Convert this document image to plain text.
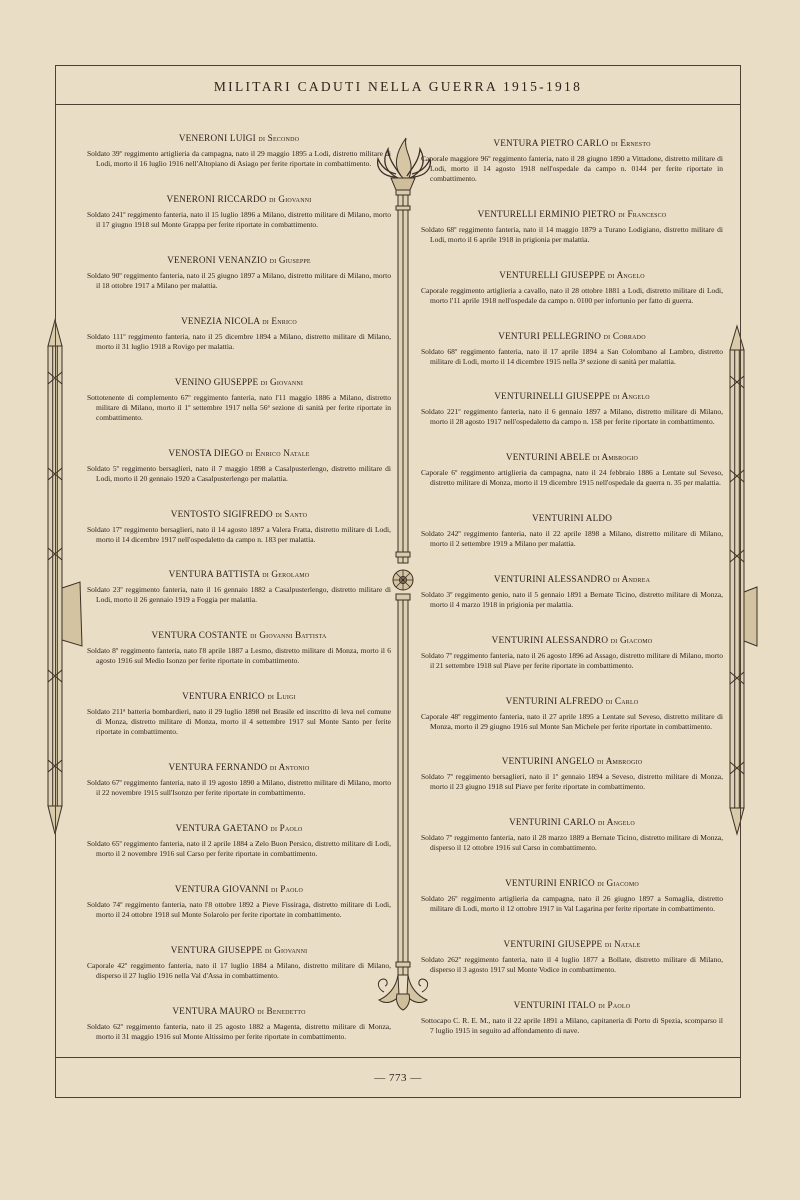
MILITARI CADUTI NELLA GUERRA 1915-1918
VENERONI LUIGI di Secondo

Soldato 39º reggimento artiglieria da campagna, nato il 29 maggio 1895 a Lodi, distretto militare di Lodi, morto il 16 luglio 1916 nell'Altopiano di Asiago per ferite riportate in combattimento.

VENERONI RICCARDO di Giovanni

Soldato 241º reggimento fanteria, nato il 15 luglio 1896 a Milano, distretto militare di Milano, morto il 17 giugno 1918 sul Monte Grappa per ferite riportate in combattimento.

VENERONI VENANZIO di Giuseppe

Soldato 90º reggimento fanteria, nato il 25 giugno 1897 a Milano, distretto militare di Milano, morto il 18 ottobre 1917 a Milano per malattia.

VENEZIA NICOLA di Enrico

Soldato 111º reggimento fanteria, nato il 25 dicembre 1894 a Milano, distretto militare di Milano, morto il 31 luglio 1918 a Rovigo per malattia.

VENINO GIUSEPPE di Giovanni

Sottotenente di complemento 67º reggimento fanteria, nato l'11 maggio 1886 a Milano, distretto militare di Milano, morto il 1º settembre 1917 nella 56ª sezione di sanità per ferite riportate in combattimento.

VENOSTA DIEGO di Enrico Natale

Soldato 5º reggimento bersaglieri, nato il 7 maggio 1898 a Casalpusterlengo, distretto militare di Lodi, morto il 20 gennaio 1920 a Casalpusterlengo per malattia.

VENTOSTO SIGIFREDO di Santo

Soldato 17º reggimento bersaglieri, nato il 14 agosto 1897 a Valera Fratta, distretto militare di Lodi, morto il 14 dicembre 1917 nell'ospedaletto da campo n. 183 per malattia.

VENTURA BATTISTA di Gerolamo

Soldato 23º reggimento fanteria, nato il 16 gennaio 1882 a Casalpusterlengo, distretto militare di Lodi, morto il 26 gennaio 1919 a Foggia per malattia.

VENTURA COSTANTE di Giovanni Battista

Soldato 8º reggimento fanteria, nato l'8 aprile 1887 a Lesmo, distretto militare di Monza, morto il 6 agosto 1916 sul Medio Isonzo per ferite riportate in combattimento.

VENTURA ENRICO di Luigi

Soldato 211ª batteria bombardieri, nato il 29 luglio 1898 nel Brasile ed inscritto di leva nel comune di Monza, distretto militare di Monza, morto il 4 settembre 1917 sul Monte Santo per ferite riportate in combattimento.

VENTURA FERNANDO di Antonio

Soldato 67º reggimento fanteria, nato il 19 agosto 1890 a Milano, distretto militare di Milano, morto il 22 novembre 1915 sull'Isonzo per ferite riportate in combattimento.

VENTURA GAETANO di Paolo

Soldato 65º reggimento fanteria, nato il 2 aprile 1884 a Zelo Buon Persico, distretto militare di Lodi, morto il 2 novembre 1916 sul Carso per ferite riportate in combattimento.

VENTURA GIOVANNI di Paolo

Soldato 74º reggimento fanteria, nato l'8 ottobre 1892 a Pieve Fissiraga, distretto militare di Lodi, morto il 24 ottobre 1918 sul Monte Solarolo per ferite riportate in combattimento.

VENTURA GIUSEPPE di Giovanni

Caporale 42º reggimento fanteria, nato il 17 luglio 1884 a Milano, distretto militare di Milano, disperso il 27 luglio 1916 nella Val d'Assa in combattimento.

VENTURA MAURO di Benedetto

Soldato 62º reggimento fanteria, nato il 25 agosto 1882 a Magenta, distretto militare di Monza, morto il 31 maggio 1916 sul Monte Altissimo per ferite riportate in combattimento.

VENTURA PIETRO CARLO di Ernesto

Caporale maggiore 96º reggimento fanteria, nato il 28 giugno 1890 a Vittadone, distretto militare di Lodi, morto il 14 agosto 1918 nell'ospedale da campo n. 0144 per ferite riportate in combattimento.

VENTURELLI ERMINIO PIETRO di Francesco

Soldato 68º reggimento fanteria, nato il 14 maggio 1879 a Turano Lodigiano, distretto militare di Lodi, morto il 6 aprile 1918 in prigionia per malattia.

VENTURELLI GIUSEPPE di Angelo

Caporale reggimento artiglieria a cavallo, nato il 28 ottobre 1881 a Lodi, distretto militare di Lodi, morto l'11 aprile 1918 nell'ospedale da campo n. 0100 per infortunio per fatto di guerra.

VENTURI PELLEGRINO di Corrado

Soldato 68º reggimento fanteria, nato il 17 aprile 1894 a San Colombano al Lambro, distretto militare di Lodi, morto il 14 dicembre 1915 nella 3ª sezione di sanità per malattia.

VENTURINELLI GIUSEPPE di Angelo

Soldato 221º reggimento fanteria, nato il 6 gennaio 1897 a Milano, distretto militare di Milano, morto il 28 agosto 1917 nell'ospedaletto da campo n. 158 per ferite riportate in combattimento.

VENTURINI ABELE di Ambrogio

Caporale 6º reggimento artiglieria da campagna, nato il 24 febbraio 1886 a Lentate sul Seveso, distretto militare di Monza, morto il 19 dicembre 1915 nell'ospedale da guerra n. 35 per malattia.

VENTURINI ALDO

Soldato 242º reggimento fanteria, nato il 22 aprile 1898 a Milano, distretto militare di Milano, morto il 2 settembre 1919 a Milano per malattia.

VENTURINI ALESSANDRO di Andrea

Soldato 3º reggimento genio, nato il 5 gennaio 1891 a Bernate Ticino, distretto militare di Monza, morto il 4 marzo 1918 in prigionia per malattia.

VENTURINI ALESSANDRO di Giacomo

Soldato 7º reggimento fanteria, nato il 26 agosto 1896 ad Assago, distretto militare di Milano, morto il 21 settembre 1918 sul Piave per ferite riportate in combattimento.

VENTURINI ALFREDO di Carlo

Caporale 48º reggimento fanteria, nato il 27 aprile 1895 a Lentate sul Seveso, distretto militare di Monza, morto il 29 giugno 1916 sul Monte San Michele per ferite riportate in combattimento.

VENTURINI ANGELO di Ambrogio

Soldato 7º reggimento bersaglieri, nato il 1º gennaio 1894 a Seveso, distretto militare di Monza, morto il 23 giugno 1918 sul Piave per ferite riportate in combattimento.

VENTURINI CARLO di Angelo

Soldato 7º reggimento fanteria, nato il 28 marzo 1889 a Bernate Ticino, distretto militare di Monza, disperso il 12 ottobre 1916 sul Carso in combattimento.

VENTURINI ENRICO di Giacomo

Soldato 26º reggimento artiglieria da campagna, nato il 26 giugno 1897 a Somaglia, distretto militare di Lodi, morto il 12 ottobre 1917 in Val Lagarina per ferite riportate in combattimento.

VENTURINI GIUSEPPE di Natale

Soldato 262º reggimento fanteria, nato il 4 luglio 1877 a Bollate, distretto militare di Milano, disperso il 3 agosto 1917 sul Monte Vodice in combattimento.

VENTURINI ITALO di Paolo

Sottocapo C. R. E. M., nato il 22 aprile 1891 a Milano, capitaneria di Porto di Spezia, scomparso il 7 luglio 1915 in seguito ad affondamento di nave.

— 773 —
